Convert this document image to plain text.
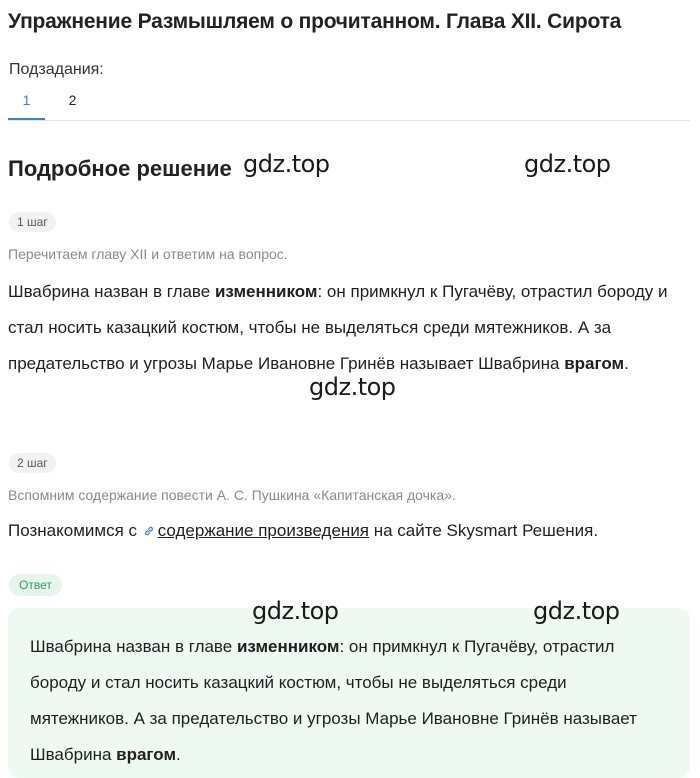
Упражнение Размышляем о прочитанном. Глава XII. Сирота
Подзадания:
1	2
Подробное решение
1 шаг
Перечитаем главу XII и ответим на вопрос.
Швабрина назван в главе изменником: он примкнул к Пугачёву, отрастил бороду и стал носить казацкий костюм, чтобы не выделяться среди мятежников. А за предательство и угрозы Марье Ивановне Гринёв называет Швабрина врагом.
2 шаг
Вспомним содержание повести А. С. Пушкина «Капитанская дочка».
Познакомимся с содержание произведения на сайте Skysmart Решения.
Ответ
Швабрина назван в главе изменником: он примкнул к Пугачёву, отрастил бороду и стал носить казацкий костюм, чтобы не выделяться среди мятежников. А за предательство и угрозы Марье Ивановне Гринёв называет Швабрина врагом.
gdz.top	gdz.top
gdz.top
gdz.top	gdz.top
